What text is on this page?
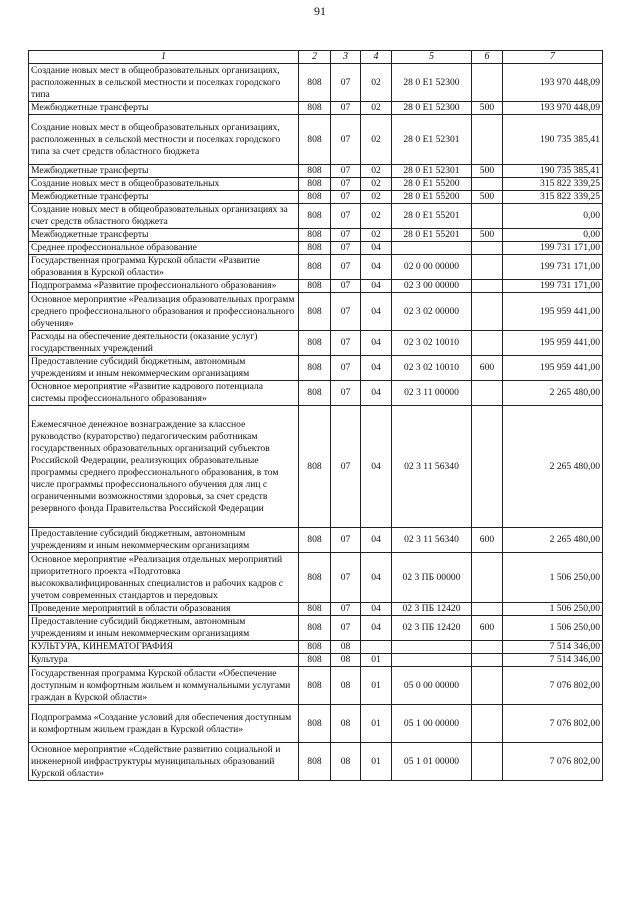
91
1	2	3	4	5	6	7
Создание новых мест в общеобразовательных организациях, расположенных в сельской местности и поселках городского типа	808	07	02	28 0 E1 52300		193 970 448,09
Межбюджетные трансферты	808	07	02	28 0 E1 52300	500	193 970 448,09
Создание новых мест в общеобразовательных организациях, расположенных в сельской местности и поселках городского типа за счет средств областного бюджета	808	07	02	28 0 E1 52301		190 735 385,41
Межбюджетные трансферты	808	07	02	28 0 E1 52301	500	190 735 385,41
Создание новых мест в общеобразовательных	808	07	02	28 0 E1 55200		315 822 339,25
Межбюджетные трансферты	808	07	02	28 0 E1 55200	500	315 822 339,25
Создание новых мест в общеобразовательных организациях за счет средств областного бюджета	808	07	02	28 0 E1 55201		0,00
Межбюджетные трансферты	808	07	02	28 0 E1 55201	500	0,00
Среднее профессиональное образование	808	07	04			199 731 171,00
Государственная программа Курской области «Развитие образования в Курской области»	808	07	04	02 0 00 00000		199 731 171,00
Подпрограмма «Развитие профессионального образования»	808	07	04	02 3 00 00000		199 731 171,00
Основное мероприятие «Реализация образовательных программ среднего профессионального образования и профессионального обучения»	808	07	04	02 3 02 00000		195 959 441,00
Расходы на обеспечение деятельности (оказание услуг) государственных учреждений	808	07	04	02 3 02 10010		195 959 441,00
Предоставление субсидий бюджетным, автономным учреждениям и иным некоммерческим организациям	808	07	04	02 3 02 10010	600	195 959 441,00
Основное мероприятие «Развитие кадрового потенциала системы профессионального образования»	808	07	04	02 3 11 00000		2 265 480,00
Ежемесячное денежное вознаграждение за классное руководство (кураторство) педагогическим работникам государственных образовательных организаций субъектов Российской Федерации, реализующих образовательные программы среднего профессионального образования, в том числе программы профессионального обучения для лиц с ограниченными возможностями здоровья, за счет средств резервного фонда Правительства Российской Федерации	808	07	04	02 3 11 56340		2 265 480,00
Предоставление субсидий бюджетным, автономным учреждениям и иным некоммерческим организациям	808	07	04	02 3 11 56340	600	2 265 480,00
Основное мероприятие «Реализация отдельных мероприятий приоритетного проекта «Подготовка высококвалифицированных специалистов и рабочих кадров с учетом современных стандартов и передовых	808	07	04	02 3 ПБ 00000		1 506 250,00
Проведение мероприятий в области образования	808	07	04	02 3 ПБ 12420		1 506 250,00
Предоставление субсидий бюджетным, автономным учреждениям и иным некоммерческим организациям	808	07	04	02 3 ПБ 12420	600	1 506 250,00
КУЛЬТУРА, КИНЕМАТОГРАФИЯ	808	08				7 514 346,00
Культура	808	08	01			7 514 346,00
Государственная программа Курской области «Обеспечение доступным и комфортным жильем и коммунальными услугами граждан в Курской области»	808	08	01	05 0 00 00000		7 076 802,00
Подпрограмма «Создание условий для обеспечения доступным и комфортным жильем граждан в Курской области»	808	08	01	05 1 00 00000		7 076 802,00
Основное мероприятие «Содействие развитию социальной и инженерной инфраструктуры муниципальных образований Курской области»	808	08	01	05 1 01 00000		7 076 802,00
